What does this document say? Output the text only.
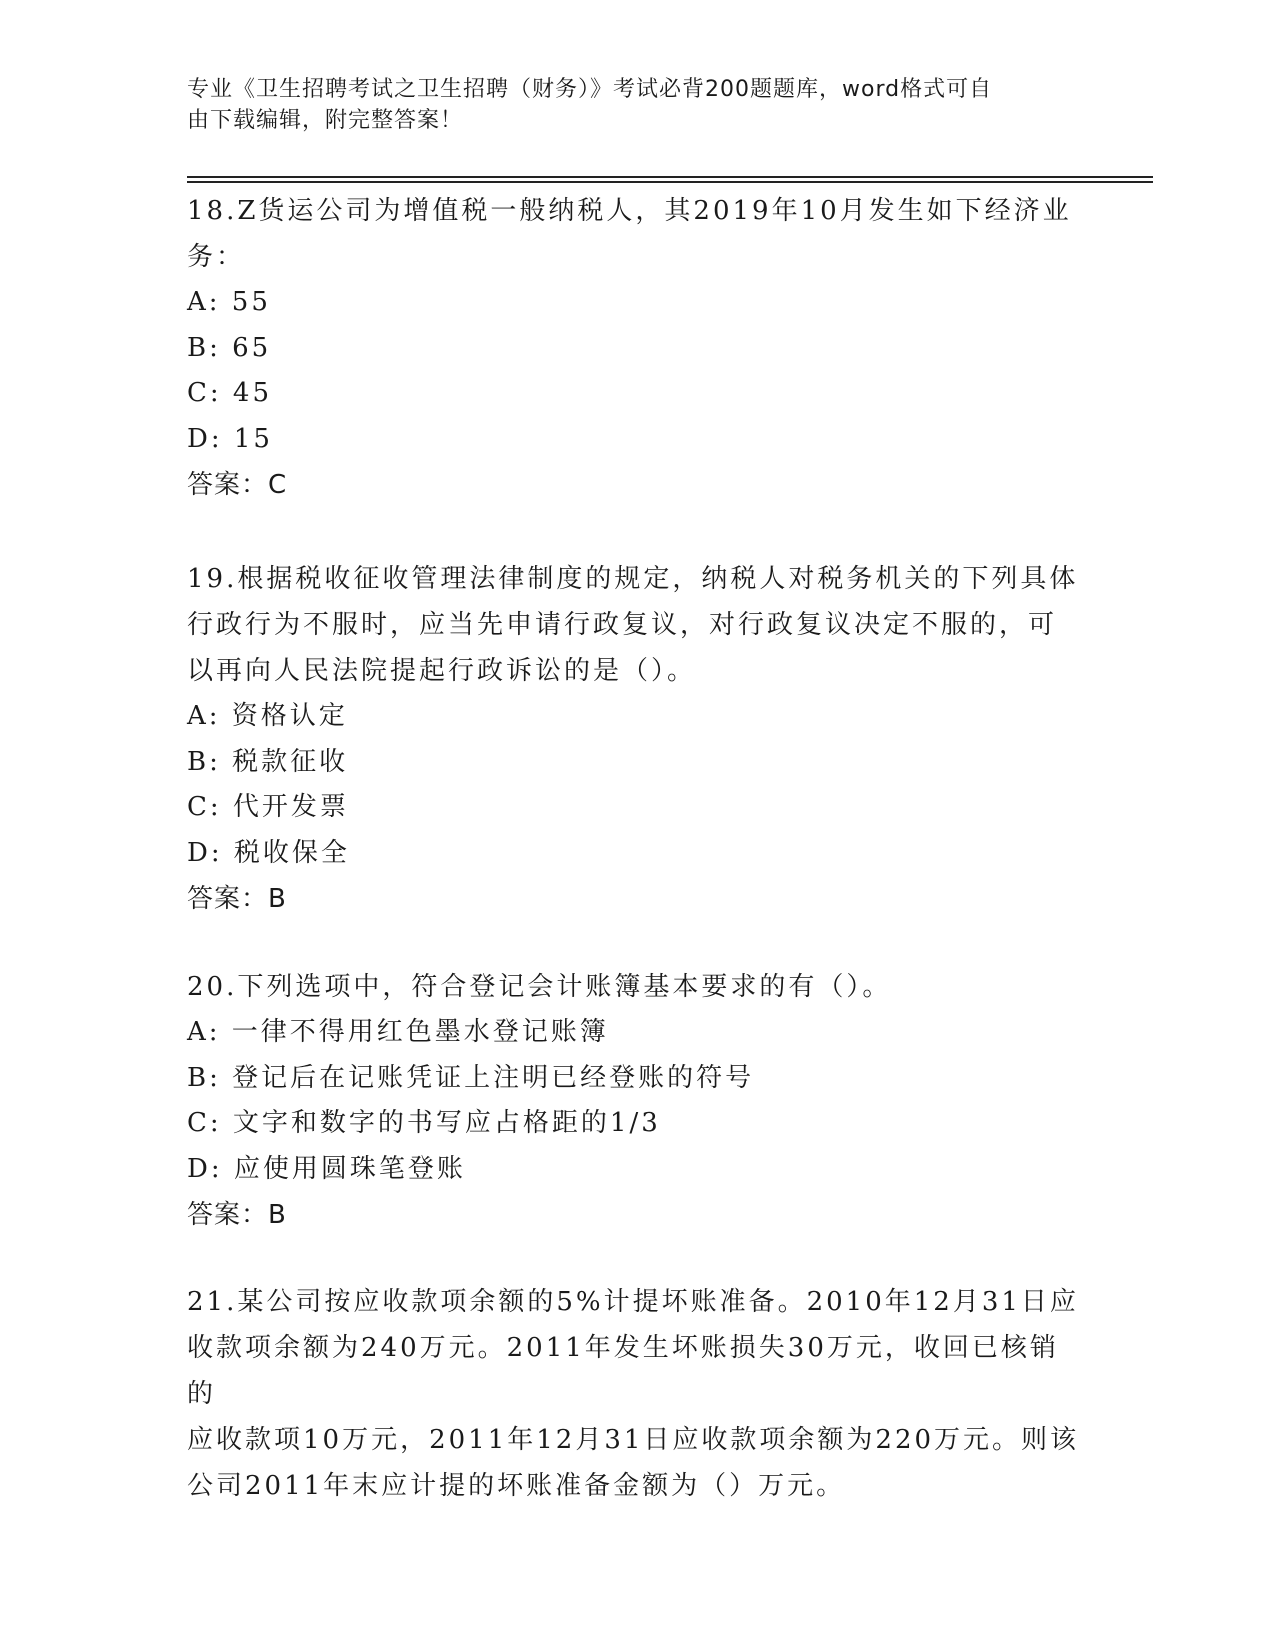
专业《卫生招聘考试之卫生招聘（财务）》考试必背200题题库，word格式可自
由下载编辑，附完整答案！
18.Z货运公司为增值税一般纳税人，其2019年10月发生如下经济业
务：
A: 55
B: 65
C: 45
D: 15
答案：C
19.根据税收征收管理法律制度的规定，纳税人对税务机关的下列具体
行政行为不服时，应当先申请行政复议，对行政复议决定不服的，可
以再向人民法院提起行政诉讼的是（）。
A: 资格认定
B: 税款征收
C: 代开发票
D: 税收保全
答案：B
20.下列选项中，符合登记会计账簿基本要求的有（）。
A: 一律不得用红色墨水登记账簿
B: 登记后在记账凭证上注明已经登账的符号
C: 文字和数字的书写应占格距的1/3
D: 应使用圆珠笔登账
答案：B
21.某公司按应收款项余额的5%计提坏账准备。2010年12月31日应
收款项余额为240万元。2011年发生坏账损失30万元，收回已核销的
应收款项10万元，2011年12月31日应收款项余额为220万元。则该
公司2011年末应计提的坏账准备金额为（）万元。
